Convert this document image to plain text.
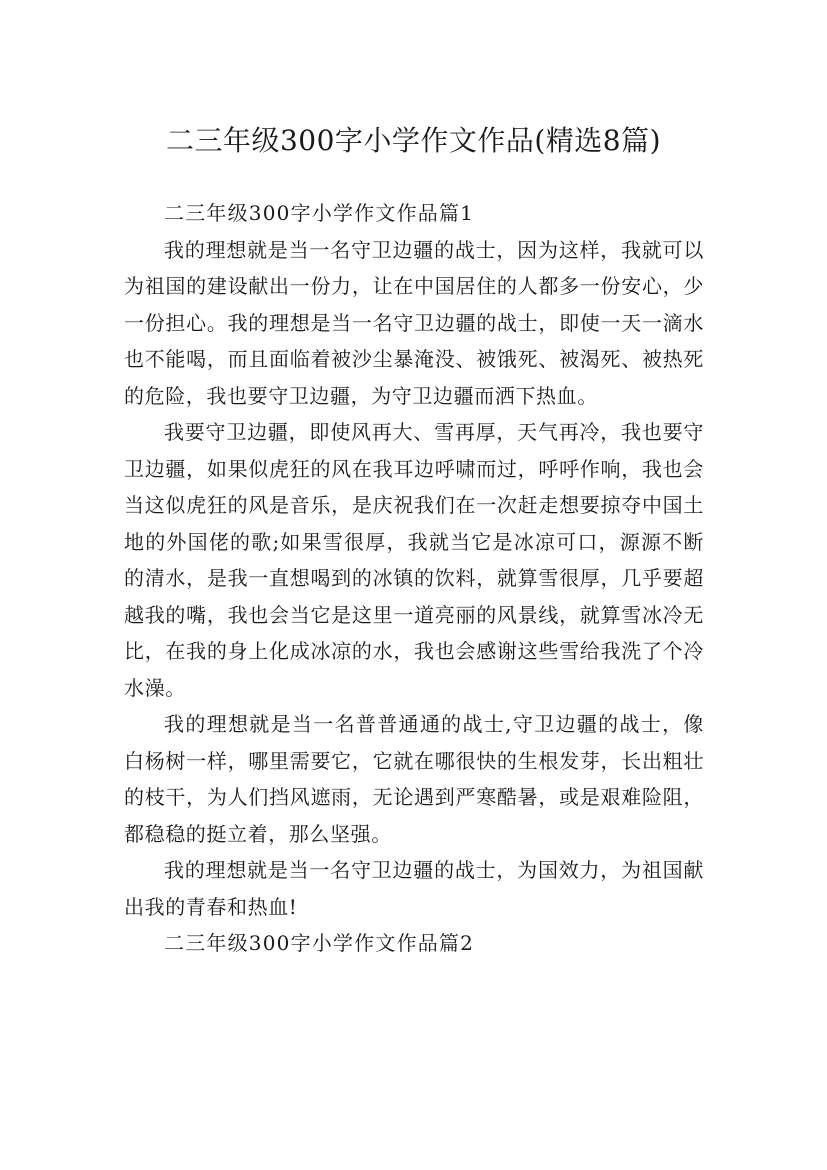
二三年级300字小学作文作品(精选8篇)

二三年级300字小学作文作品篇1

我的理想就是当一名守卫边疆的战士，因为这样，我就可以为祖国的建设献出一份力，让在中国居住的人都多一份安心，少一份担心。我的理想是当一名守卫边疆的战士，即使一天一滴水也不能喝，而且面临着被沙尘暴淹没、被饿死、被渴死、被热死的危险，我也要守卫边疆，为守卫边疆而洒下热血。

我要守卫边疆，即使风再大、雪再厚，天气再冷，我也要守卫边疆，如果似虎狂的风在我耳边呼啸而过，呼呼作响，我也会当这似虎狂的风是音乐，是庆祝我们在一次赶走想要掠夺中国土地的外国佬的歌;如果雪很厚，我就当它是冰凉可口，源源不断的清水，是我一直想喝到的冰镇的饮料，就算雪很厚，几乎要超越我的嘴，我也会当它是这里一道亮丽的风景线，就算雪冰冷无比，在我的身上化成冰凉的水，我也会感谢这些雪给我洗了个冷水澡。

我的理想就是当一名普普通通的战士,守卫边疆的战士，像白杨树一样，哪里需要它，它就在哪很快的生根发芽，长出粗壮的枝干，为人们挡风遮雨，无论遇到严寒酷暑，或是艰难险阻，都稳稳的挺立着，那么坚强。

我的理想就是当一名守卫边疆的战士，为国效力，为祖国献出我的青春和热血!

二三年级300字小学作文作品篇2
